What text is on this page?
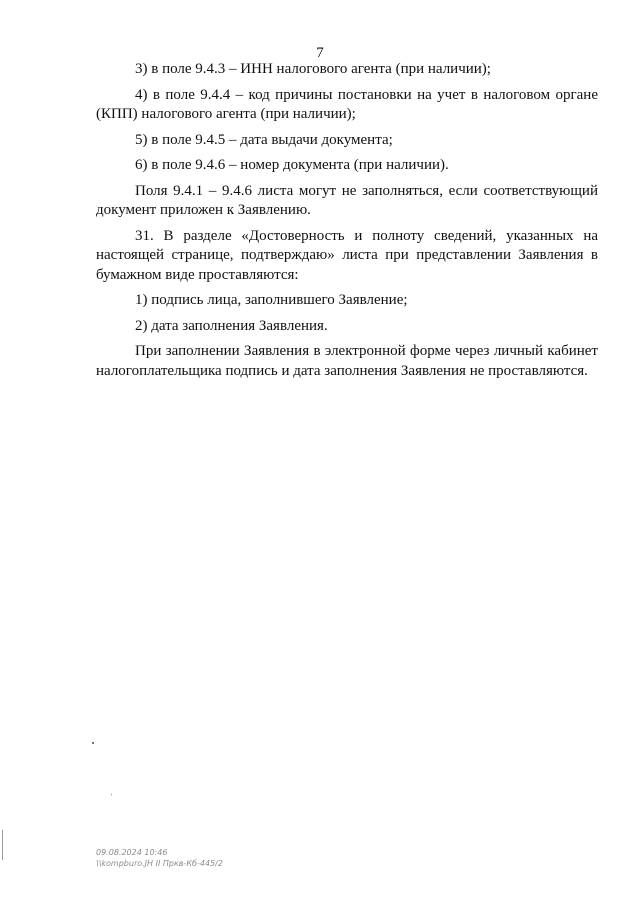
7

3) в поле 9.4.3 – ИНН налогового агента (при наличии);

4) в поле 9.4.4 – код причины постановки на учет в налоговом органе (КПП) налогового агента (при наличии);

5) в поле 9.4.5 – дата выдачи документа;

6) в поле 9.4.6 – номер документа (при наличии).

Поля 9.4.1 – 9.4.6 листа могут не заполняться, если соответствующий документ приложен к Заявлению.

31. В разделе «Достоверность и полноту сведений, указанных на настоящей странице, подтверждаю» листа при представлении Заявления в бумажном виде проставляются:

1) подпись лица, заполнившего Заявление;

2) дата заполнения Заявления.

При заполнении Заявления в электронной форме через личный кабинет налогоплательщика подпись и дата заполнения Заявления не проставляются.

09.08.2024 10:46
\\kompburo.JH II Пркв-Кб-445/2
